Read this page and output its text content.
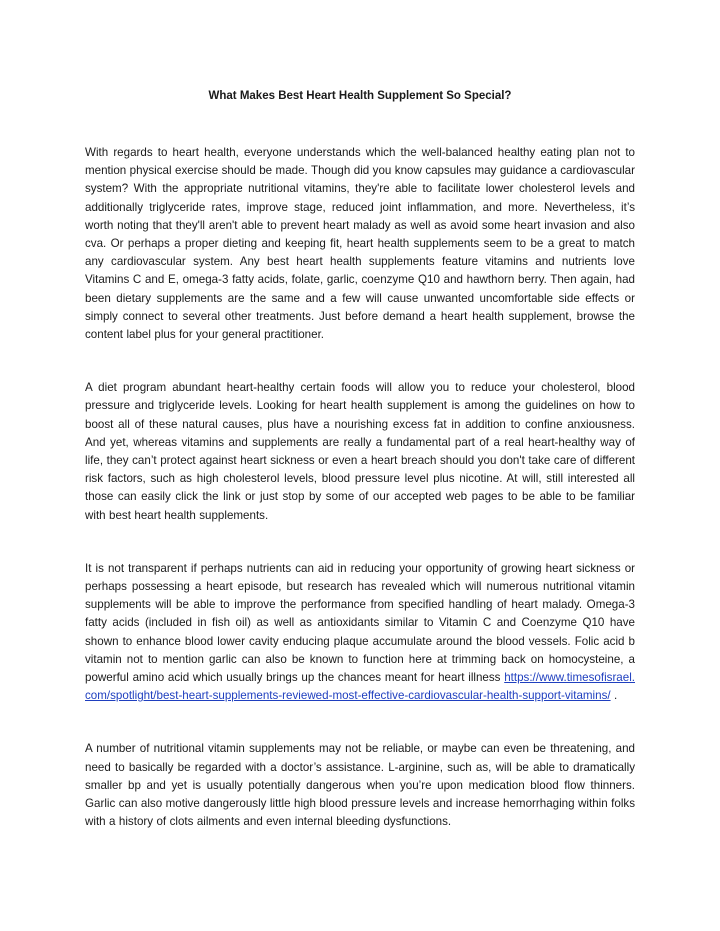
What Makes Best Heart Health Supplement So Special?

With regards to heart health, everyone understands which the well-balanced healthy eating plan not to mention physical exercise should be made. Though did you know capsules may guidance a cardiovascular system? With the appropriate nutritional vitamins, they're able to facilitate lower cholesterol levels and additionally triglyceride rates, improve stage, reduced joint inflammation, and more. Nevertheless, it’s worth noting that they'll aren't able to prevent heart malady as well as avoid some heart invasion and also cva. Or perhaps a proper dieting and keeping fit, heart health supplements seem to be a great to match any cardiovascular system. Any best heart health supplements feature vitamins and nutrients love Vitamins C and E, omega-3 fatty acids, folate, garlic, coenzyme Q10 and hawthorn berry. Then again, had been dietary supplements are the same and a few will cause unwanted uncomfortable side effects or simply connect to several other treatments. Just before demand a heart health supplement, browse the content label plus for your general practitioner.

A diet program abundant heart-healthy certain foods will allow you to reduce your cholesterol, blood pressure and triglyceride levels. Looking for heart health supplement is among the guidelines on how to boost all of these natural causes, plus have a nourishing excess fat in addition to confine anxiousness. And yet, whereas vitamins and supplements are really a fundamental part of a real heart-healthy way of life, they can’t protect against heart sickness or even a heart breach should you don't take care of different risk factors, such as high cholesterol levels, blood pressure level plus nicotine. At will, still interested all those can easily click the link or just stop by some of our accepted web pages to be able to be familiar with best heart health supplements.

It is not transparent if perhaps nutrients can aid in reducing your opportunity of growing heart sickness or perhaps possessing a heart episode, but research has revealed which will numerous nutritional vitamin supplements will be able to improve the performance from specified handling of heart malady. Omega-3 fatty acids (included in fish oil) as well as antioxidants similar to Vitamin C and Coenzyme Q10 have shown to enhance blood lower cavity enducing plaque accumulate around the blood vessels. Folic acid b vitamin not to mention garlic can also be known to function here at trimming back on homocysteine, a powerful amino acid which usually brings up the chances meant for heart illness https://www.timesofisrael.com/spotlight/best-heart-supplements-reviewed-most-effective-cardiovascular-health-support-vitamins/ .

A number of nutritional vitamin supplements may not be reliable, or maybe can even be threatening, and need to basically be regarded with a doctor’s assistance. L-arginine, such as, will be able to dramatically smaller bp and yet is usually potentially dangerous when you’re upon medication blood flow thinners. Garlic can also motive dangerously little high blood pressure levels and increase hemorrhaging within folks with a history of clots ailments and even internal bleeding dysfunctions.
